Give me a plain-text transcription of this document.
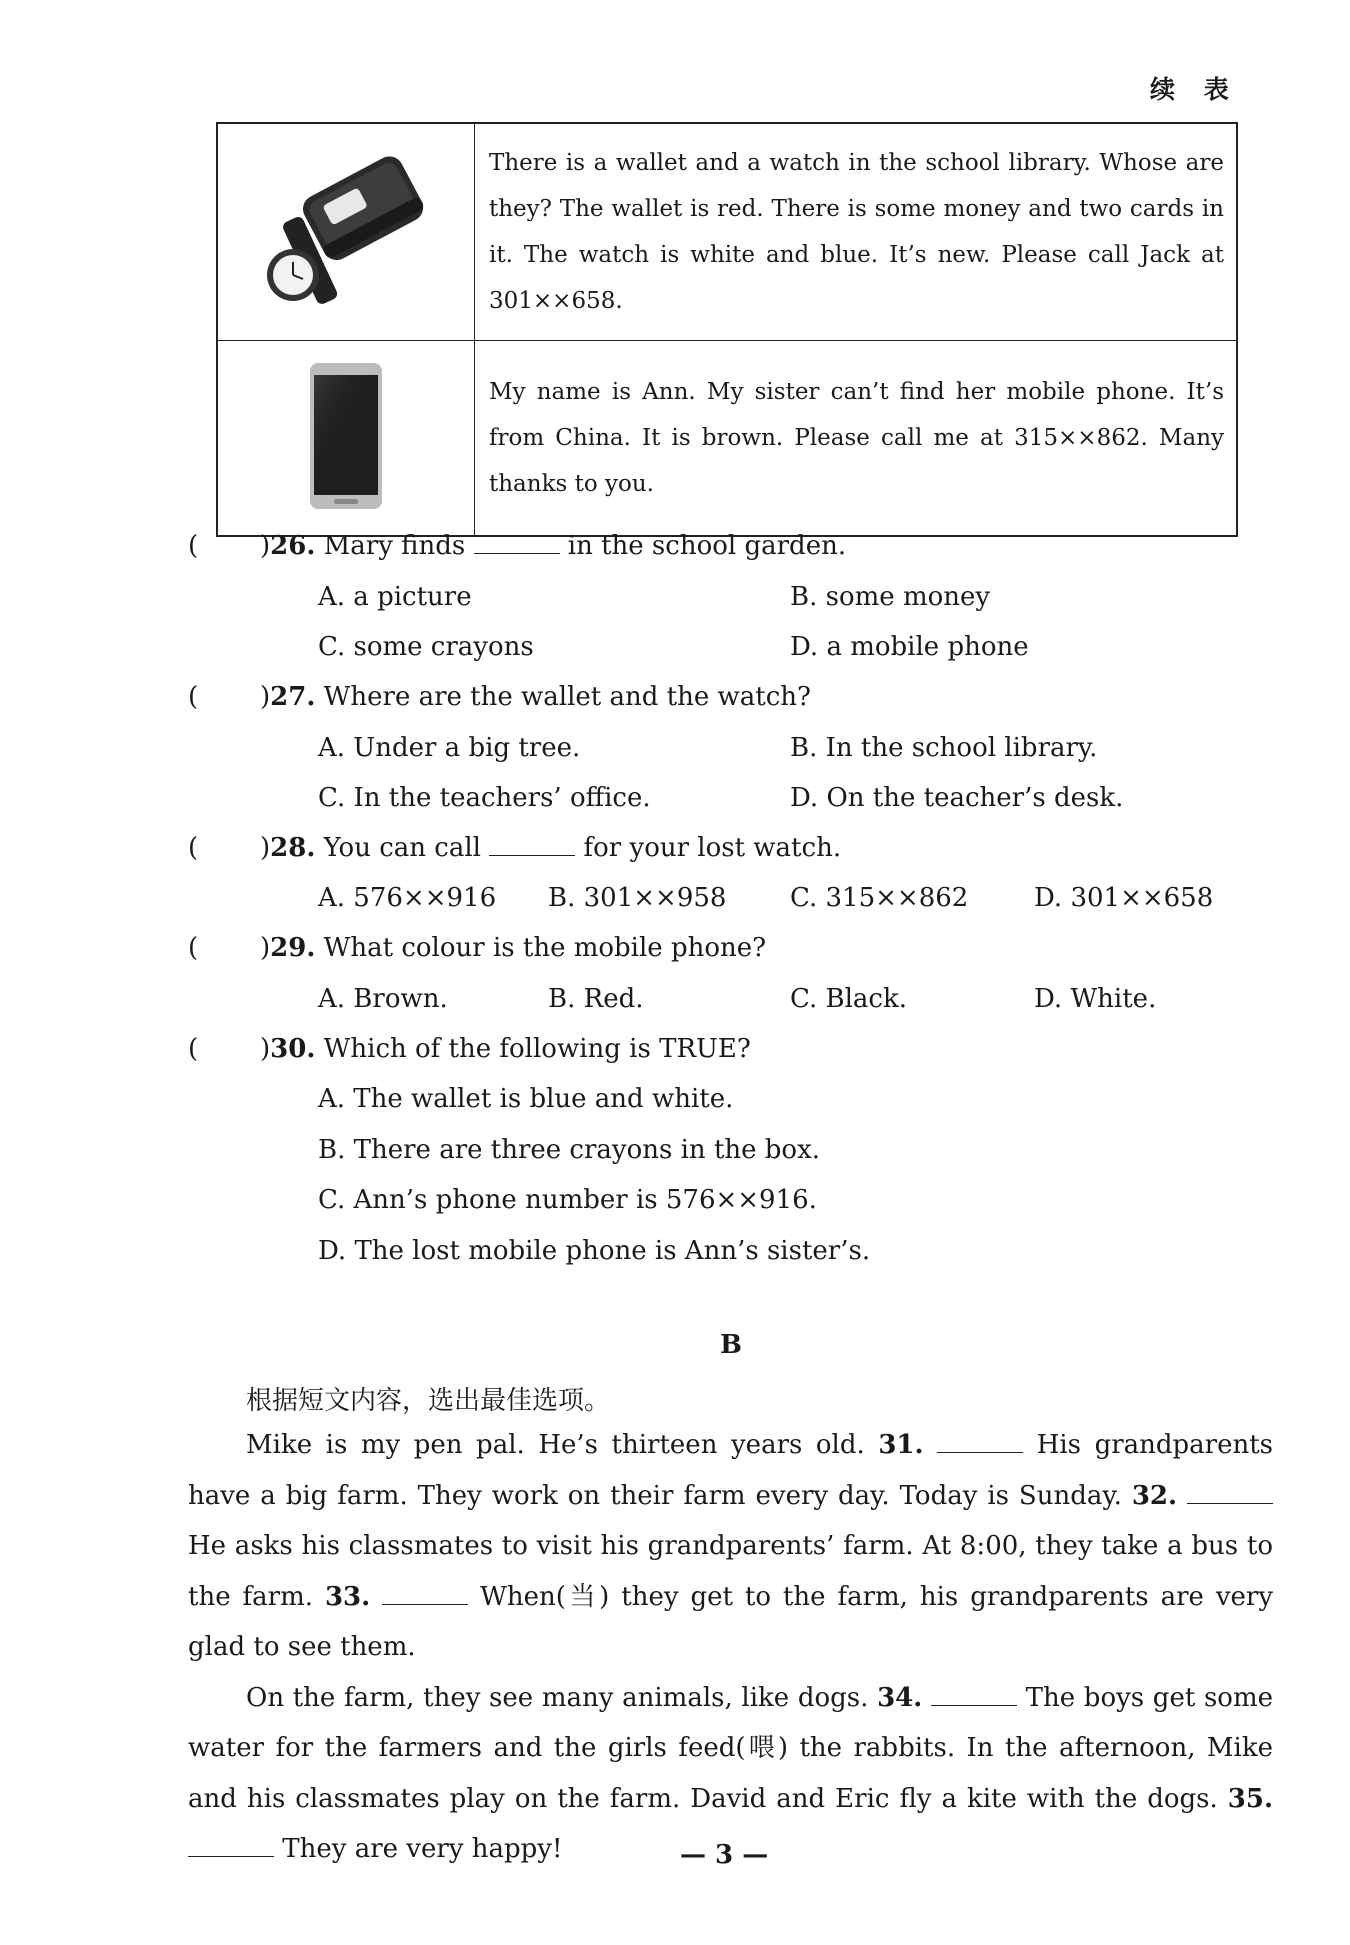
续 表
	There is a wallet and a watch in the school library. Whose are they? The wallet is red. There is some money and two cards in it. The watch is white and blue. It’s new. Please call Jack at 301××658.
	My name is Ann. My sister can’t find her mobile phone. It’s from China. It is brown. Please call me at 315××862. Many thanks to you.
( )26. Mary finds	in the school garden.
A. a picture	B. some money
C. some crayons	D. a mobile phone
( )27. Where are the wallet and the watch?
A. Under a big tree.	B. In the school library.
C. In the teachers’ office.	D. On the teacher’s desk.
( )28. You can call	for your lost watch.
A. 576××916 B. 301××958 C. 315××862	D. 301××658
( )29. What colour is the mobile phone?
A. Brown.	B. Red.	C. Black.	D. White.
( )30. Which of the following is TRUE?
A. The wallet is blue and white.
B. There are three crayons in the box.
C. Ann’s phone number is 576××916.
D. The lost mobile phone is Ann’s sister’s.
B
根据短文内容，选出最佳选项。

Mike is my pen pal. He’s thirteen years old. 31.	His grandparents have a big farm. They work on their farm every day. Today is Sunday. 32.  He asks his classmates to visit his grandparents’ farm. At 8:00, they take a bus to the farm. 33.	When(当) they get to the farm, his grandparents are very glad to see them.

On the farm, they see many animals, like dogs. 34.	The boys get some water for the farmers and the girls feed(喂) the rabbits. In the afternoon, Mike and his classmates play on the farm. David and Eric fly a kite with the dogs. 35.  They are very happy!	— 3 —
